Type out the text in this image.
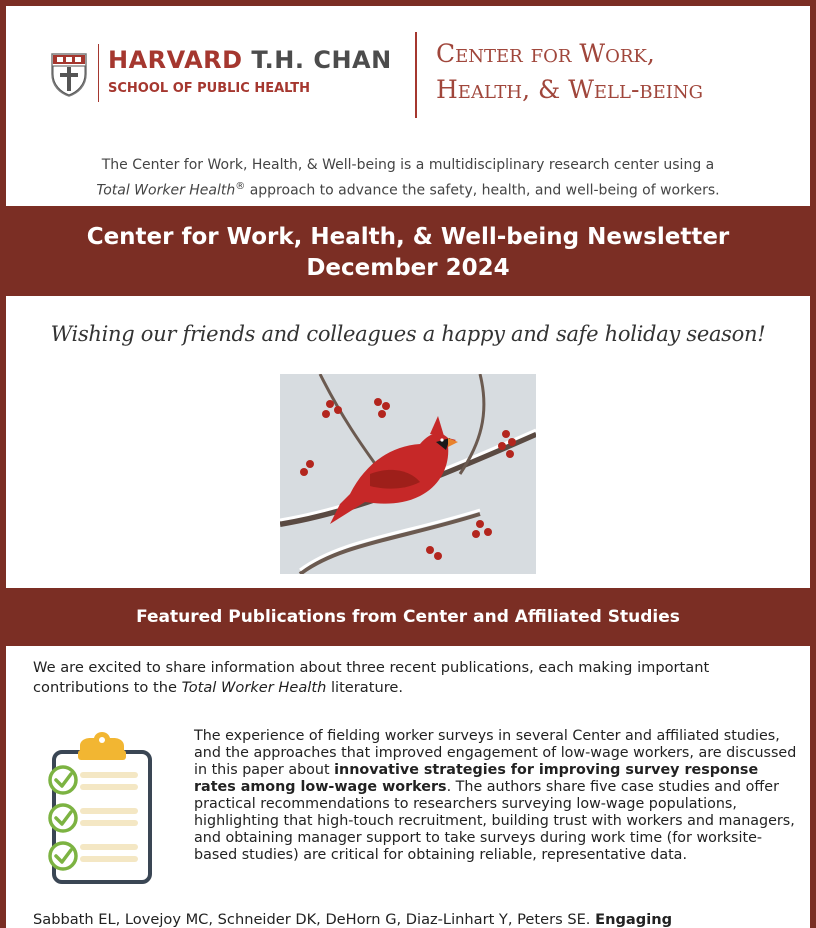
HARVARD T.H. CHAN
SCHOOL OF PUBLIC HEALTH
Center for Work,
Health, & Well-being
The Center for Work, Health, & Well-being is a multidisciplinary research center using a
Total Worker Health® approach to advance the safety, health, and well-being of workers.
Center for Work, Health, & Well-being Newsletter
December 2024
Wishing our friends and colleagues a happy and safe holiday season!
Featured Publications from Center and Affiliated Studies
We are excited to share information about three recent publications, each making important contributions to the Total Worker Health literature.
The experience of fielding worker surveys in several Center and affiliated studies, and the approaches that improved engagement of low-wage workers, are discussed in this paper about innovative strategies for improving survey response rates among low-wage workers. The authors share five case studies and offer practical recommendations to researchers surveying low-wage populations, highlighting that high-touch recruitment, building trust with workers and managers, and obtaining manager support to take surveys during work time (for worksite-based studies) are critical for obtaining reliable, representative data.
Sabbath EL, Lovejoy MC, Schneider DK, DeHorn G, Diaz-Linhart Y, Peters SE. Engaging
